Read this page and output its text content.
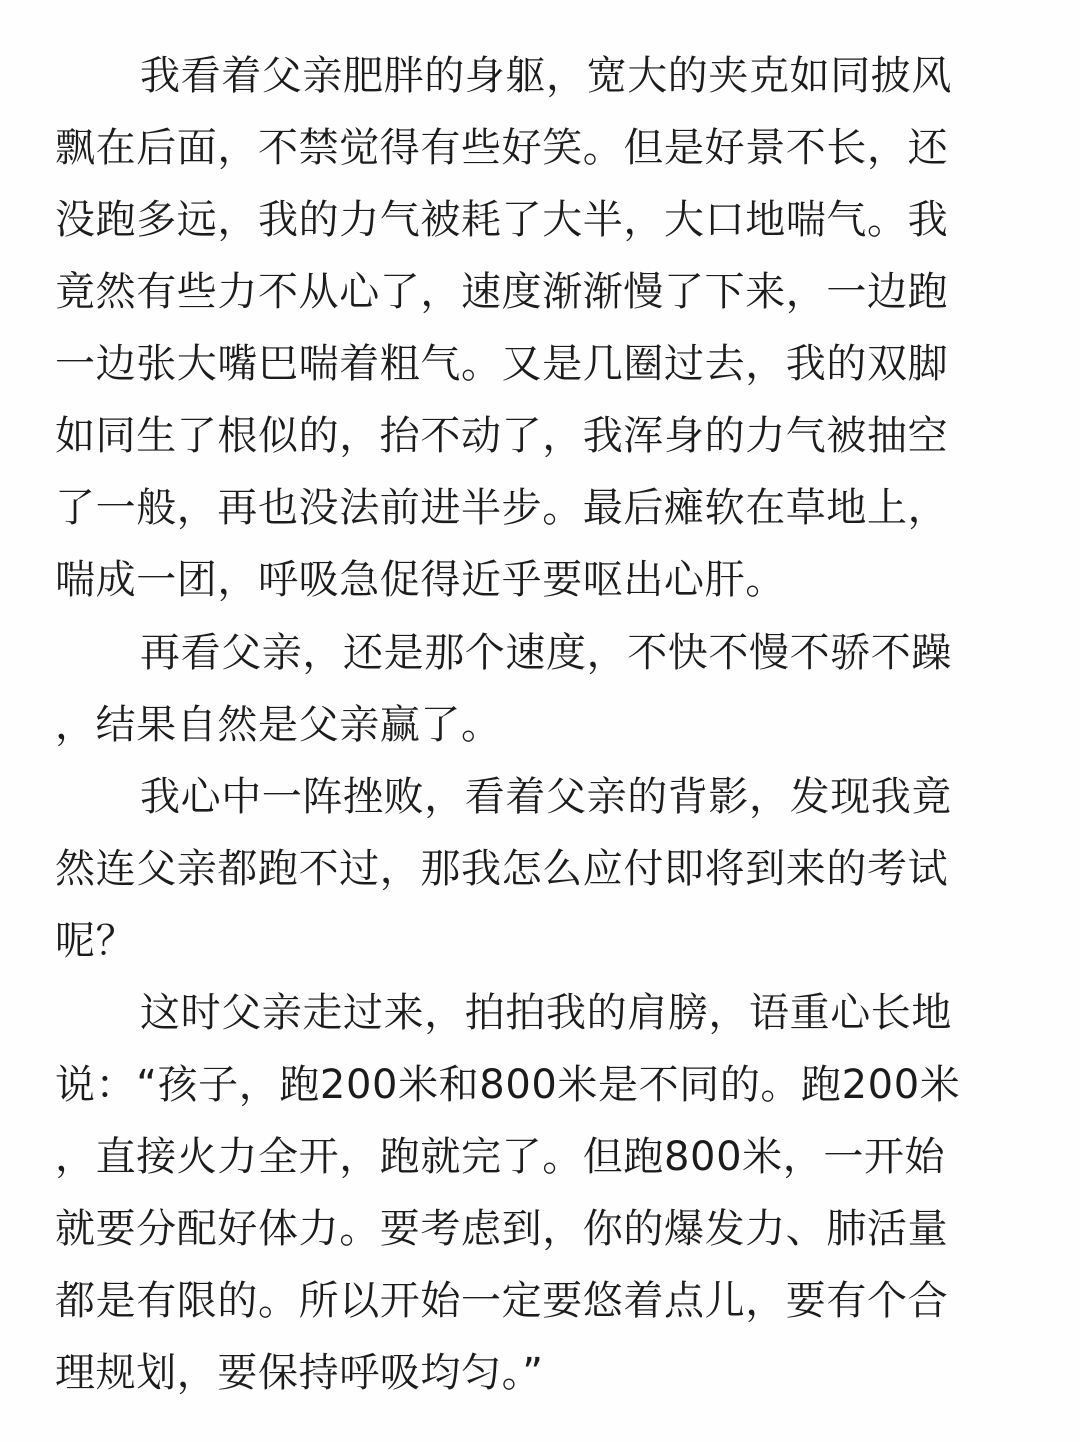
我看着父亲肥胖的身躯，宽大的夹克如同披风
飘在后面，不禁觉得有些好笑。但是好景不长，还
没跑多远，我的力气被耗了大半，大口地喘气。我
竟然有些力不从心了，速度渐渐慢了下来，一边跑
一边张大嘴巴喘着粗气。又是几圈过去，我的双脚
如同生了根似的，抬不动了，我浑身的力气被抽空
了一般，再也没法前进半步。最后瘫软在草地上，
喘成一团，呼吸急促得近乎要呕出心肝。
再看父亲，还是那个速度，不快不慢不骄不躁
，结果自然是父亲赢了。
我心中一阵挫败，看着父亲的背影，发现我竟
然连父亲都跑不过，那我怎么应付即将到来的考试
呢？
这时父亲走过来，拍拍我的肩膀，语重心长地
说：“孩子，跑200米和800米是不同的。跑200米
，直接火力全开，跑就完了。但跑800米，一开始
就要分配好体力。要考虑到，你的爆发力、肺活量
都是有限的。所以开始一定要悠着点儿，要有个合
理规划，要保持呼吸均匀。”
